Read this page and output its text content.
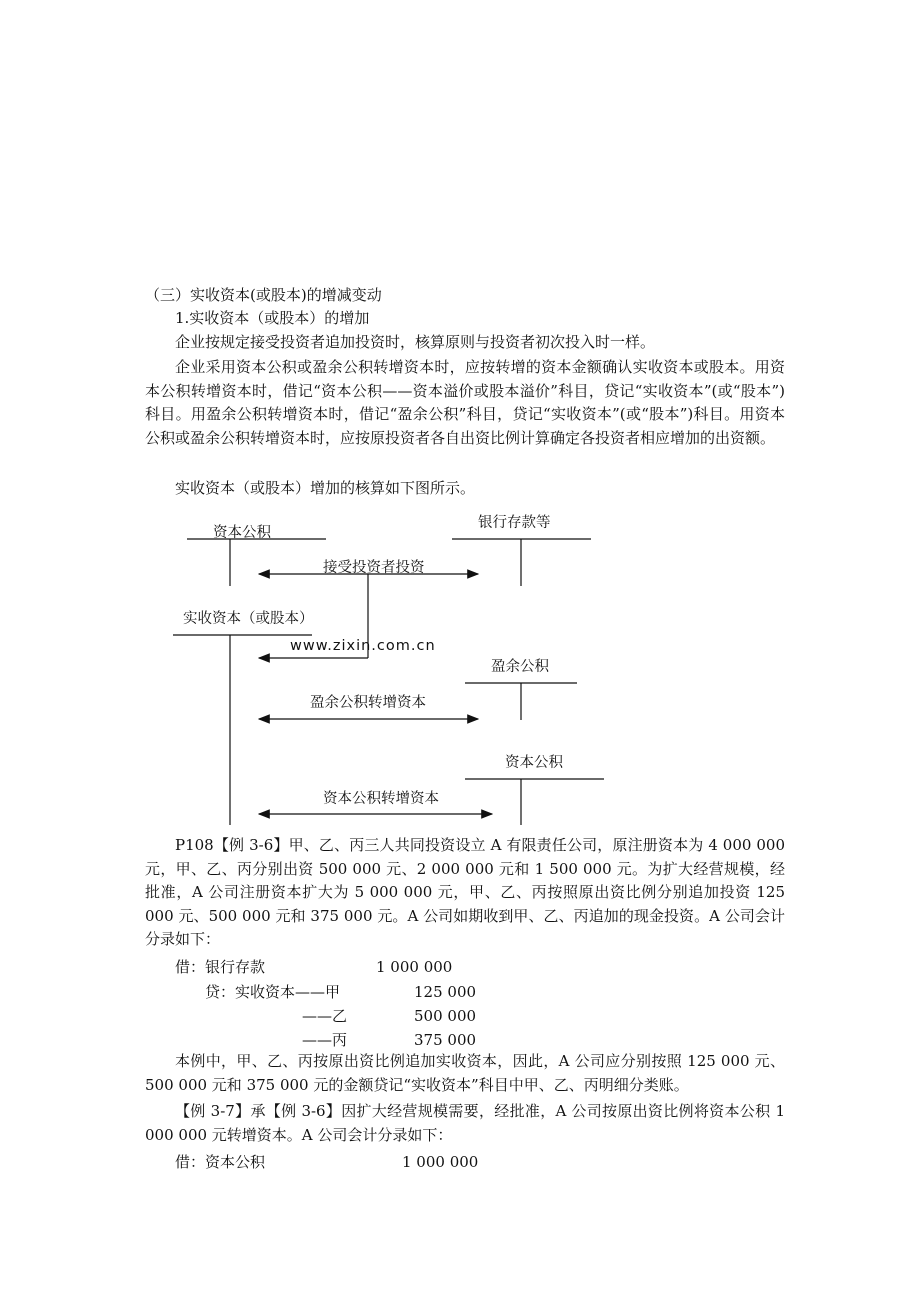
（三）实收资本(或股本)的增减变动
1.实收资本（或股本）的增加
企业按规定接受投资者追加投资时，核算原则与投资者初次投入时一样。
企业采用资本公积或盈余公积转增资本时，应按转增的资本金额确认实收资本或股本。用资本公积转增资本时，借记“资本公积——资本溢价或股本溢价”科目，贷记“实收资本”(或“股本”)科目。用盈余公积转增资本时，借记“盈余公积”科目，贷记“实收资本”(或“股本”)科目。用资本公积或盈余公积转增资本时，应按原投资者各自出资比例计算确定各投资者相应增加的出资额。
实收资本（或股本）增加的核算如下图所示。
www.zixin.com.cn
资本公积
银行存款等
接受投资者投资
实收资本（或股本）
盈余公积
盈余公积转增资本
资本公积
资本公积转增资本
P108【例 3-6】甲、乙、丙三人共同投资设立 A 有限责任公司，原注册资本为 4 000 000 元，甲、乙、丙分别出资 500 000 元、2 000 000 元和 1 500 000 元。为扩大经营规模，经批准，A 公司注册资本扩大为 5 000 000 元，甲、乙、丙按照原出资比例分别追加投资 125 000 元、500 000 元和 375 000 元。A 公司如期收到甲、乙、丙追加的现金投资。A 公司会计分录如下：
借：银行存款	1 000 000
贷：实收资本——甲	125 000
——乙	500 000
——丙	375 000
本例中，甲、乙、丙按原出资比例追加实收资本，因此，A 公司应分别按照 125 000 元、500 000 元和 375 000 元的金额贷记“实收资本”科目中甲、乙、丙明细分类账。
【例 3-7】承【例 3-6】因扩大经营规模需要，经批准，A 公司按原出资比例将资本公积 1 000 000 元转增资本。A 公司会计分录如下：
借：资本公积	1 000 000
